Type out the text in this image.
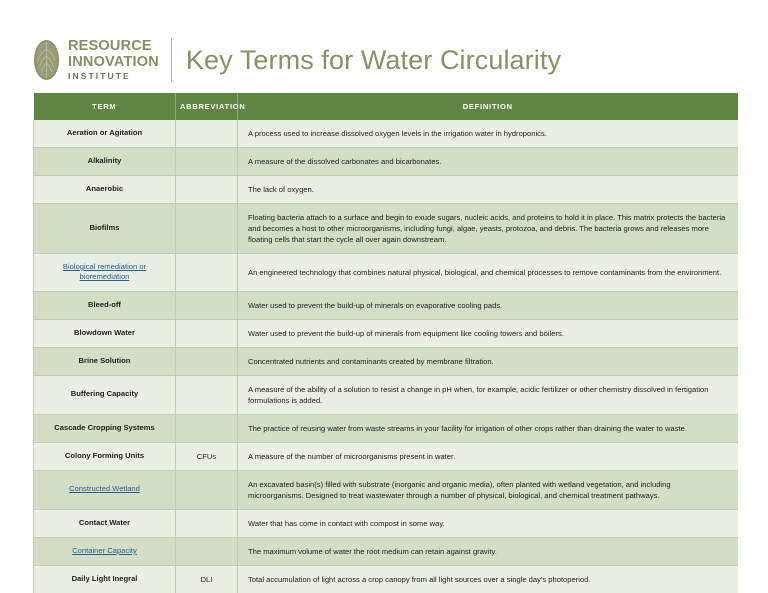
RESOURCE
INNOVATION
INSTITUTE
Key Terms for Water Circularity
TERM	ABBREVIATION	DEFINITION
Aeration or Agitation		A process used to increase dissolved oxygen levels in the irrigation water in hydroponics.
Alkalinity		A measure of the dissolved carbonates and bicarbonates.
Anaerobic		The lack of oxygen.
Biofilms		Floating bacteria attach to a surface and begin to exude sugars, nucleic acids, and proteins to hold it in place. This matrix protects the bacteria and becomes a host to other microorganisms, including fungi, algae, yeasts, protozoa, and debris. The bacteria grows and releases more floating cells that start the cycle all over again downstream.
Biological remediation or bioremediation		An engineered technology that combines natural physical, biological, and chemical processes to remove contaminants from the environment.
Bleed-off		Water used to prevent the build-up of minerals on evaporative cooling pads.
Blowdown Water		Water used to prevent the build-up of minerals from equipment like cooling towers and boilers.
Brine Solution		Concentrated nutrients and contaminants created by membrane filtration.
Buffering Capacity		A measure of the ability of a solution to resist a change in pH when, for example, acidic fertilizer or other chemistry dissolved in fertigation formulations is added.
Cascade Cropping Systems		The practice of reusing water from waste streams in your facility for irrigation of other crops rather than draining the water to waste.
Colony Forming Units	CFUs	A measure of the number of microorganisms present in water.
Constructed Wetland		An excavated basin(s) filled with substrate (inorganic and organic media), often planted with wetland vegetation, and including microorganisms. Designed to treat wastewater through a number of physical, biological, and chemical treatment pathways.
Contact Water		Water that has come in contact with compost in some way.
Container Capacity		The maximum volume of water the root medium can retain against gravity.
Daily Light Inegral	DLI	Total accumulation of light across a crop canopy from all light sources over a single day's photoperiod.
